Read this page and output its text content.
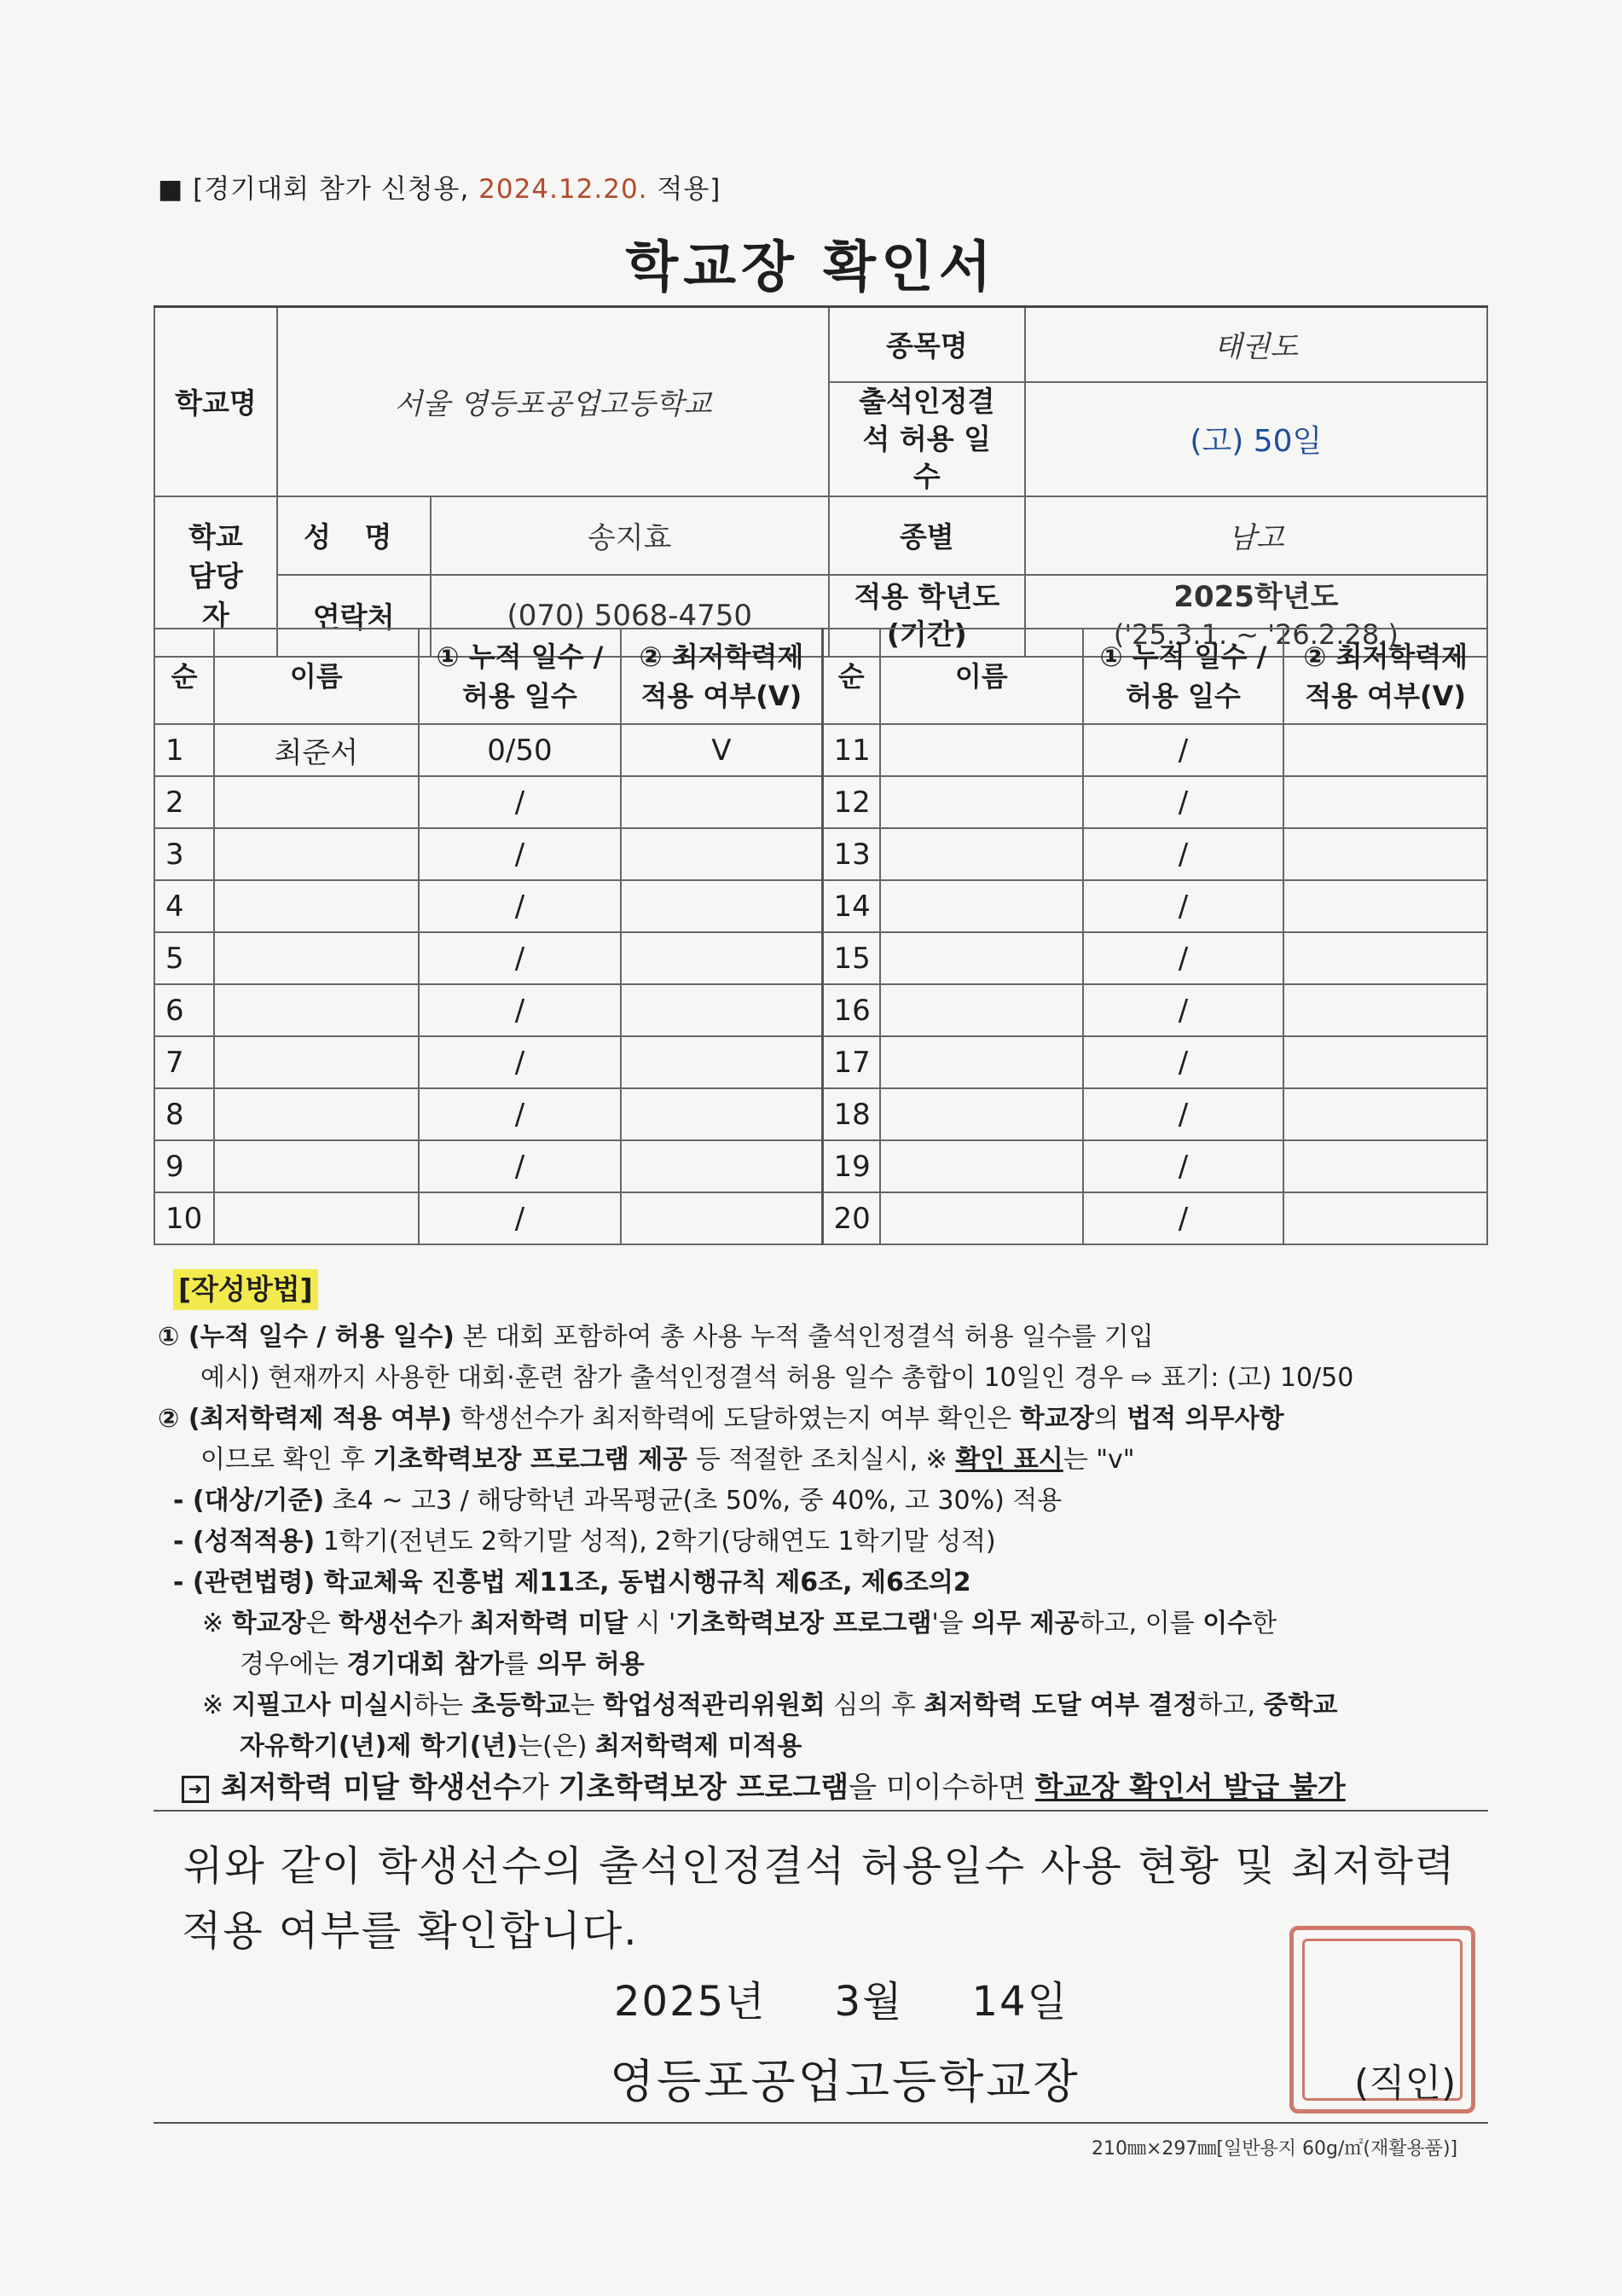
■ [경기대회 참가 신청용, 2024.12.20. 적용]
학교장 확인서
학교명	서울 영등포공업고등학교		종목명	태권도

			출석인정결석 허용 일수	(고) 50일

학교 담당자	성 명	송지효	종별	남고
	연락처	(070) 5068-4750	적용 학년도 (기간)	2025학년도
('25.3.1. ~ '26.2.28.)
순	이름	① 누적 일수 / 허용 일수	② 최저학력제 적용 여부(V)	순	이름	① 누적 일수 / 허용 일수	② 최저학력제 적용 여부(V)
1	최준서	0/50	V	11		/	
2		/		12		/	
3		/		13		/	
4		/		14		/	
5		/		15		/	
6		/		16		/	
7		/		17		/	
8		/		18		/	
9		/		19		/	
10		/		20		/	
[작성방법]

① (누적 일수 / 허용 일수) 본 대회 포함하여 총 사용 누적 출석인정결석 허용 일수를 기입

예시) 현재까지 사용한 대회·훈련 참가 출석인정결석 허용 일수 총합이 10일인 경우 ⇨ 표기: (고) 10/50

② (최저학력제 적용 여부) 학생선수가 최저학력에 도달하였는지 여부 확인은 학교장의 법적 의무사항

이므로 확인 후 기초학력보장 프로그램 제공 등 적절한 조치실시, ※ 확인 표시는 "v"

- (대상/기준) 초4 ~ 고3 / 해당학년 과목평균(초 50%, 중 40%, 고 30%) 적용

- (성적적용) 1학기(전년도 2학기말 성적), 2학기(당해연도 1학기말 성적)

- (관련법령) 학교체육 진흥법 제11조, 동법시행규칙 제6조, 제6조의2

※ 학교장은 학생선수가 최저학력 미달 시 '기초학력보장 프로그램'을 의무 제공하고, 이를 이수한

경우에는 경기대회 참가를 의무 허용

※ 지필고사 미실시하는 초등학교는 학업성적관리위원회 심의 후 최저학력 도달 여부 결정하고, 중학교

자유학기(년)제 학기(년)는(은) 최저학력제 미적용

➜ 최저학력 미달 학생선수가 기초학력보장 프로그램을 미이수하면 학교장 확인서 발급 불가

위와 같이 학생선수의 출석인정결석 허용일수 사용 현황 및 최저학력
적용 여부를 확인합니다.
2025년 3월 14일
영등포공업고등학교장	(직인)
210㎜×297㎜[일반용지 60g/㎡(재활용품)]
